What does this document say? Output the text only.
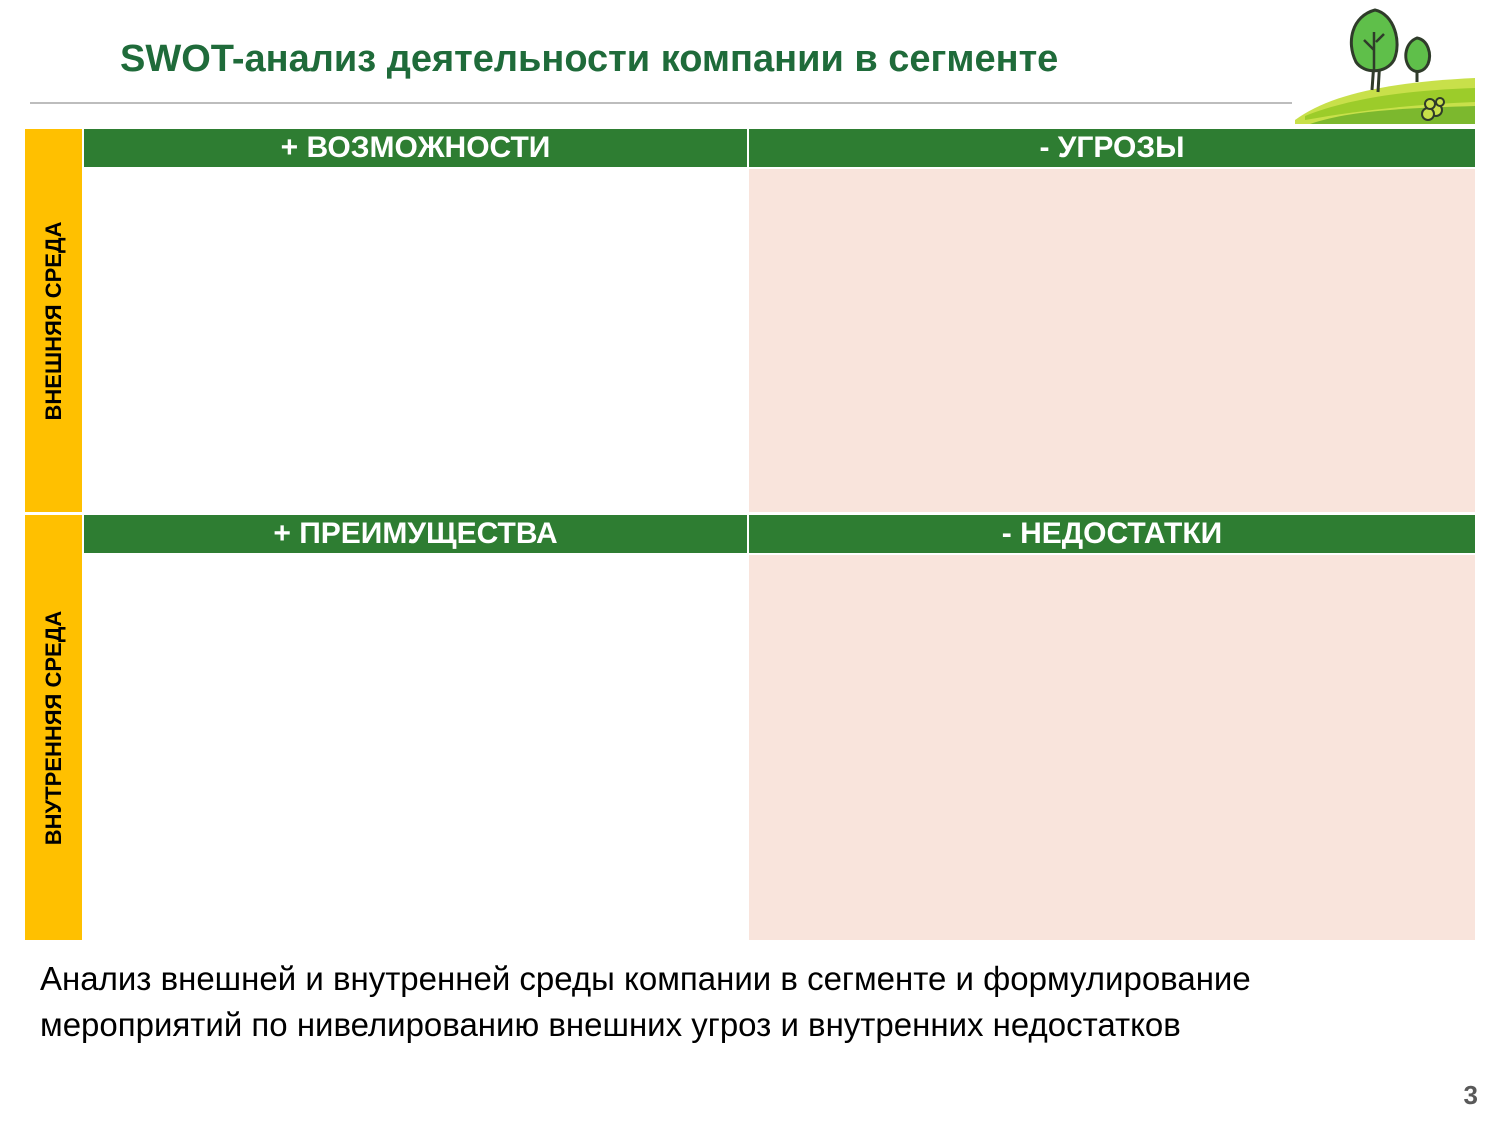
SWOT-анализ деятельности компании в сегменте
ВНЕШНЯЯ СРЕДА
ВНУТРЕННЯЯ СРЕДА
+ ВОЗМОЖНОСТИ	- УГРОЗЫ
+ ПРЕИМУЩЕСТВА	- НЕДОСТАТКИ

Анализ внешней и внутренней среды компании в сегменте и формулирование
мероприятий по нивелированию внешних угроз и внутренних недостатков

3
